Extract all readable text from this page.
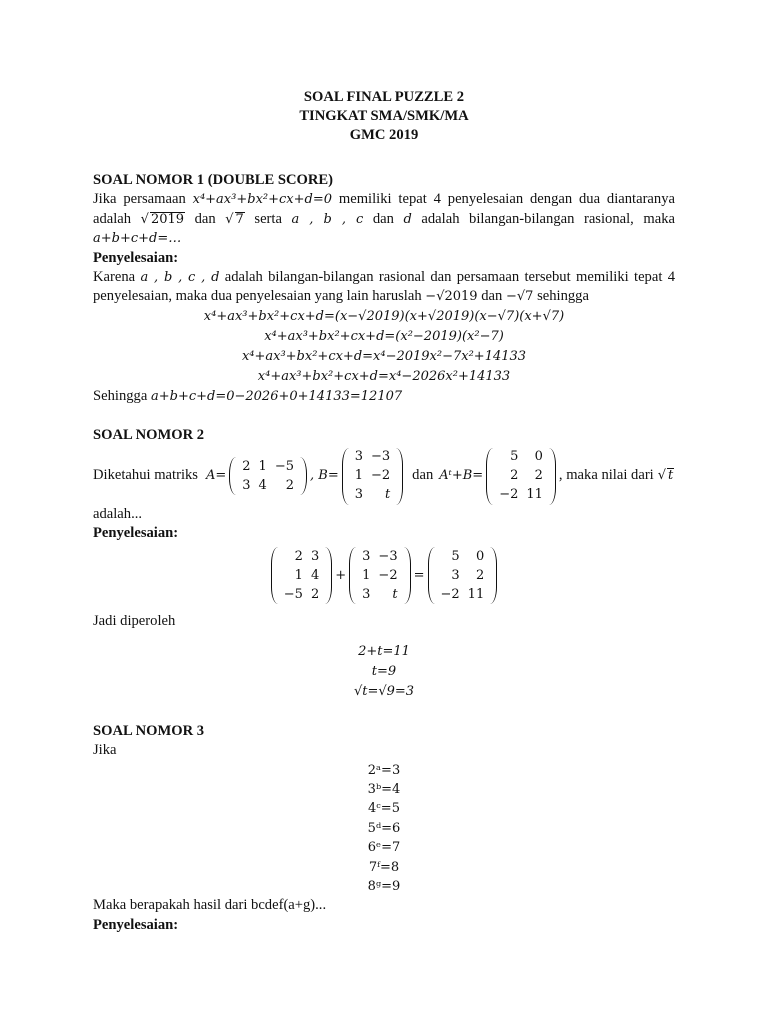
SOAL FINAL PUZZLE 2
TINGKAT SMA/SMK/MA
GMC 2019
SOAL NOMOR 1 (DOUBLE SCORE)
Jika persamaan x⁴+ax³+bx²+cx+d=0 memiliki tepat 4 penyelesaian dengan dua diantaranya adalah √ 2019 dan √ 7 serta a , b , c dan d adalah bilangan-bilangan rasional, maka a+b+c+d=…
Penyelesaian:
Karena a , b , c , d adalah bilangan-bilangan rasional dan persamaan tersebut memiliki tepat 4 penyelesaian, maka dua penyelesaian yang lain haruslah −√2019 dan −√7 sehingga
x⁴+ax³+bx²+cx+d=(x−√2019)(x+√2019)(x−√7)(x+√7)
x⁴+ax³+bx²+cx+d=(x²−2019)(x²−7)
x⁴+ax³+bx²+cx+d=x⁴−2019x²−7x²+14133
x⁴+ax³+bx²+cx+d=x⁴−2026x²+14133
Sehingga a+b+c+d=0−2026+0+14133=12107
SOAL NOMOR 2
Diketahui matriks A=
2 1 −5
3 4	2
, B=
3 −3
1 −2
3	t
dan Aᵗ+B=
5	0
2	2
−2 11
, maka nilai dari √ t
adalah...
Penyelesaian:
2 3
1 4
−5 2
+
3 −3
1 −2
3	t
=
5	0
3	2
−2 11
Jadi diperoleh
2+t=11
t=9
√t=√9=3
SOAL NOMOR 3
Jika
2ᵃ=3
3ᵇ=4
4ᶜ=5
5ᵈ=6
6ᵉ=7
7ᶠ=8
8ᵍ=9
Maka berapakah hasil dari bcdef(a+g)...
Penyelesaian:
